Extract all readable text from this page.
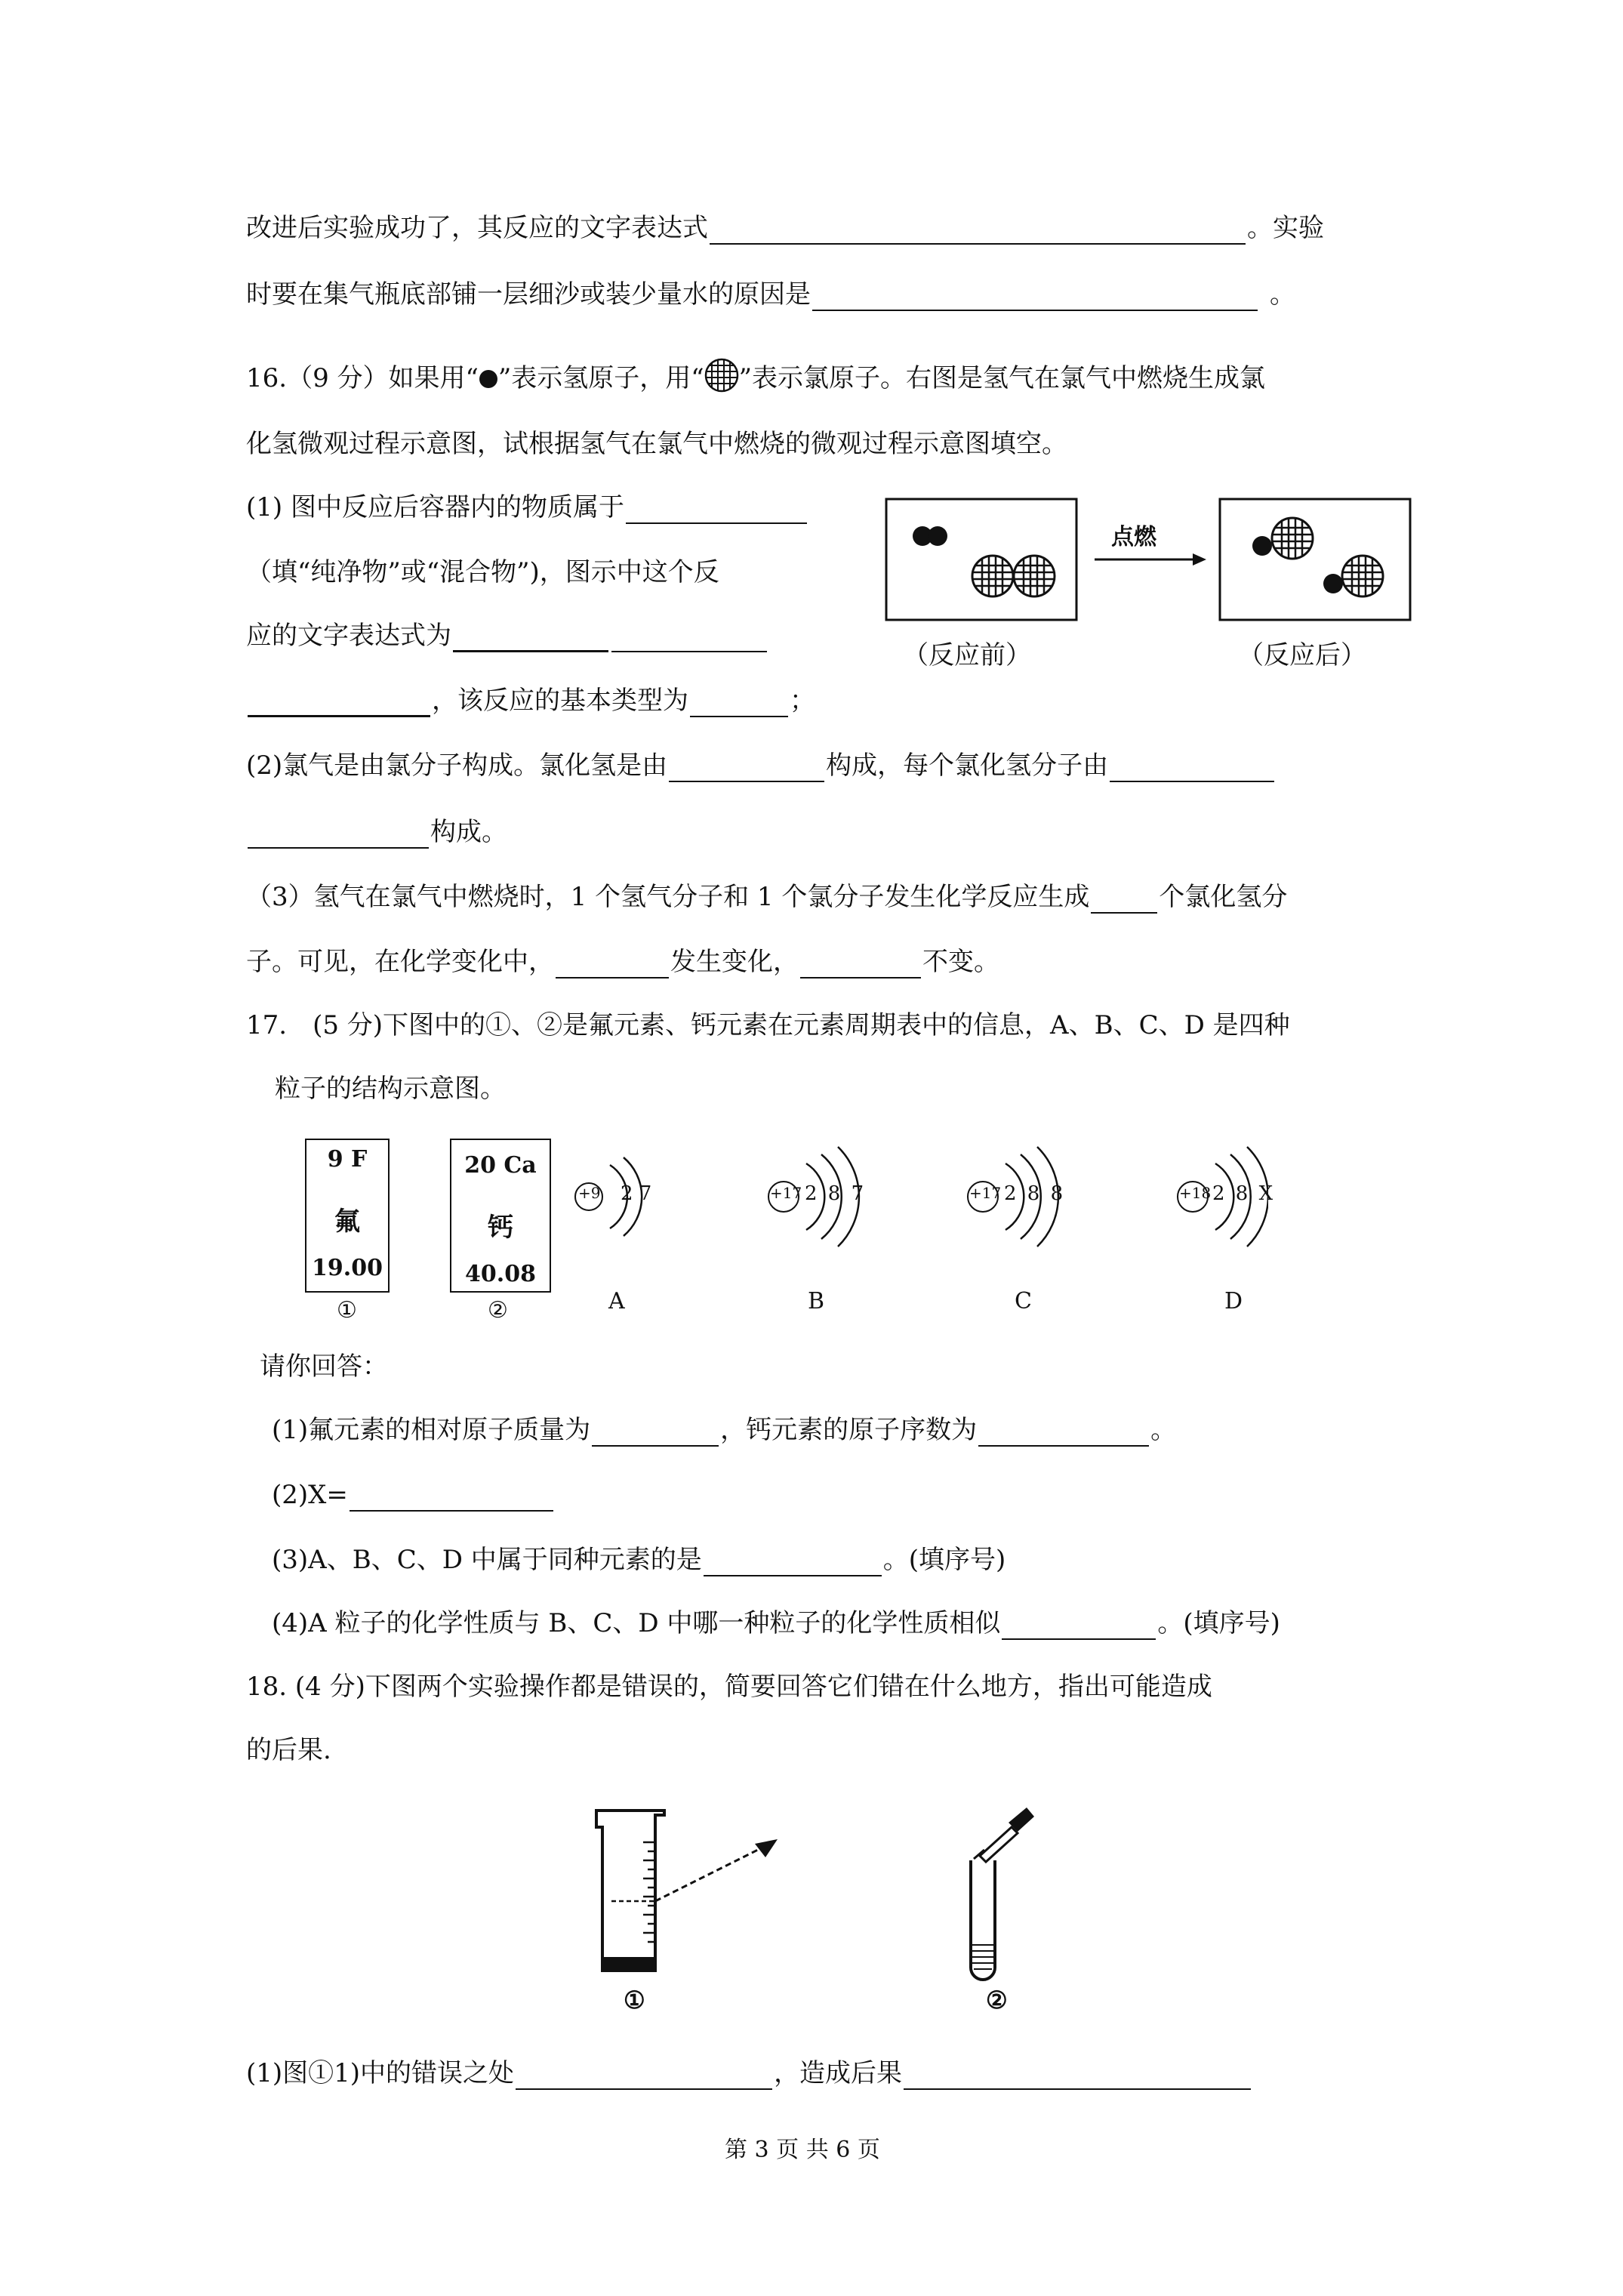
改进后实验成功了，其反应的文字表达式	。实验
时要在集气瓶底部铺一层细沙或装少量水的原因是	。
16.（9 分）如果用“ ”表示氢原子，用“ ”表示氯原子。右图是氢气在氯气中燃烧生成氯
化氢微观过程示意图，试根据氢气在氯气中燃烧的微观过程示意图填空。
(1) 图中反应后容器内的物质属于
（填“纯净物”或“混合物”)，图示中这个反
应的文字表达式为
，该反应的基本类型为	；
点燃
（反应前）	（反应后）
(2)氯气是由氯分子构成。氯化氢是由	构成，每个氯化氢分子由
构成。
（3）氢气在氯气中燃烧时，1 个氢气分子和 1 个氯分子发生化学反应生成	个氯化氢分
子。可见，在化学变化中，	发生变化，	不变。
17.　(5 分)下图中的①、②是氟元素、钙元素在元素周期表中的信息，A、B、C、D 是四种
粒子的结构示意图。
9 F
氟
19.00
①
20 Ca
钙
40.08
②
+9 2 7
A
+17 2 8 7
B
+17 2 8 8
C
+18 2 8 X
D
请你回答：
(1)氟元素的相对原子质量为	，钙元素的原子序数为	。
(2)X=
(3)A、B、C、D 中属于同种元素的是	。(填序号)
(4)A 粒子的化学性质与 B、C、D 中哪一种粒子的化学性质相似	。(填序号)
18. (4 分)下图两个实验操作都是错误的，简要回答它们错在什么地方，指出可能造成
的后果.
①	②
(1)图①1)中的错误之处	，造成后果
第 3 页 共 6 页
